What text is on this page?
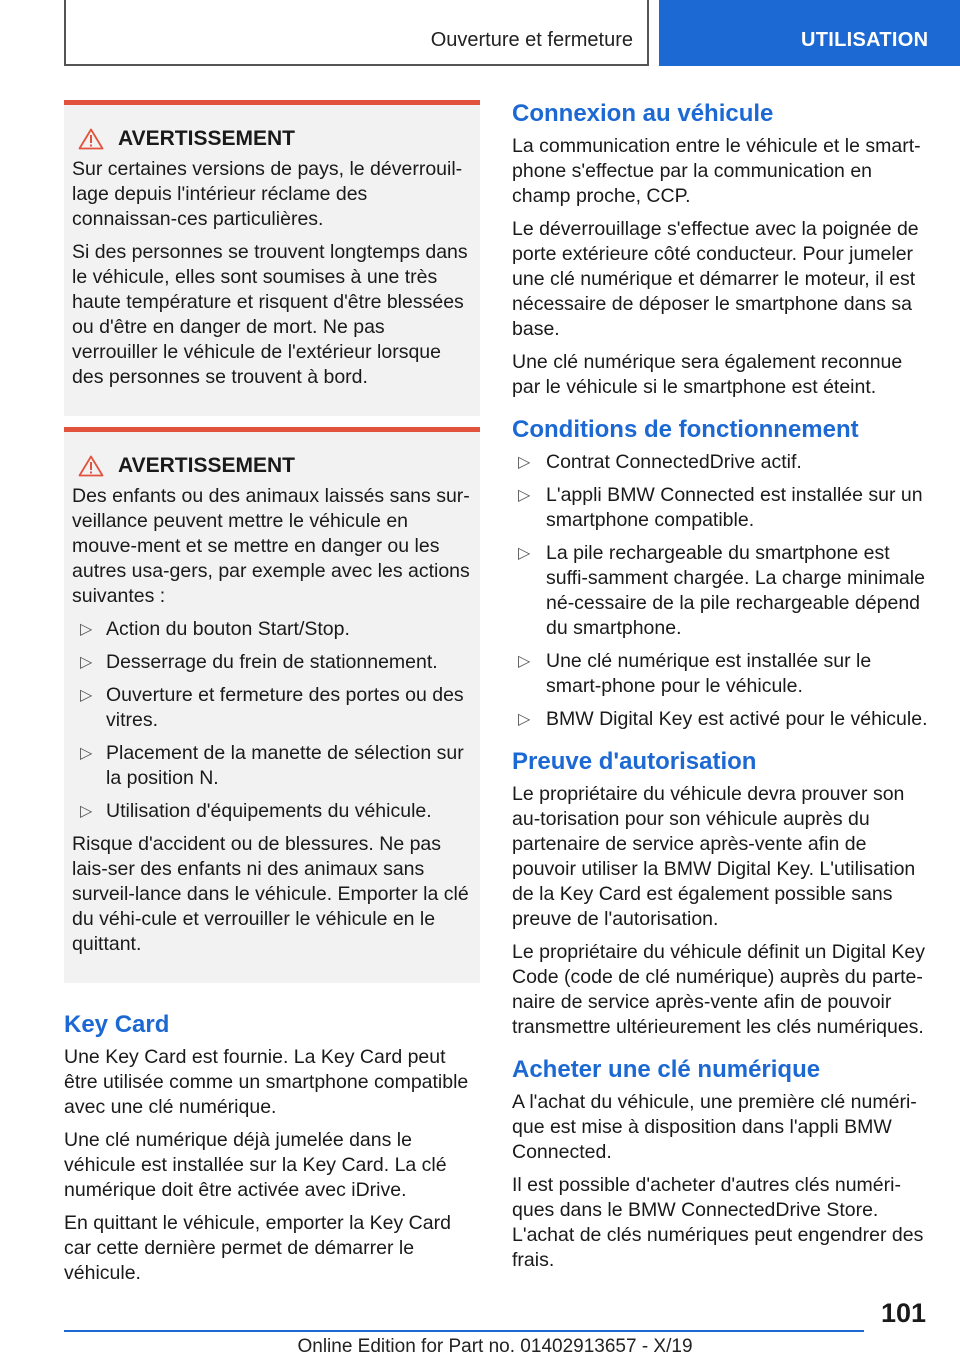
Ouverture et fermeture	UTILISATION
AVERTISSEMENT

Sur certaines versions de pays, le déverrouil-lage depuis l'intérieur réclame des connaissan-ces particulières.

Si des personnes se trouvent longtemps dans le véhicule, elles sont soumises à une très haute température et risquent d'être blessées ou d'être en danger de mort. Ne pas verrouiller le véhicule de l'extérieur lorsque des personnes se trouvent à bord.

AVERTISSEMENT

Des enfants ou des animaux laissés sans sur-veillance peuvent mettre le véhicule en mouve-ment et se mettre en danger ou les autres usa-gers, par exemple avec les actions suivantes :

▷ Action du bouton Start/Stop.
▷ Desserrage du frein de stationnement.
▷ Ouverture et fermeture des portes ou des vitres.
▷ Placement de la manette de sélection sur la position N.
▷ Utilisation d'équipements du véhicule.

Risque d'accident ou de blessures. Ne pas lais-ser des enfants ni des animaux sans surveil-lance dans le véhicule. Emporter la clé du véhi-cule et verrouiller le véhicule en le quittant.

Key Card

Une Key Card est fournie. La Key Card peut être utilisée comme un smartphone compatible avec une clé numérique.

Une clé numérique déjà jumelée dans le véhicule est installée sur la Key Card. La clé numérique doit être activée avec iDrive.

En quittant le véhicule, emporter la Key Card car cette dernière permet de démarrer le véhicule.

Connexion au véhicule

La communication entre le véhicule et le smart-phone s'effectue par la communication en champ proche, CCP.

Le déverrouillage s'effectue avec la poignée de porte extérieure côté conducteur. Pour jumeler une clé numérique et démarrer le moteur, il est nécessaire de déposer le smartphone dans sa base.

Une clé numérique sera également reconnue par le véhicule si le smartphone est éteint.

Conditions de fonctionnement
▷ Contrat ConnectedDrive actif.
▷ L'appli BMW Connected est installée sur un smartphone compatible.
▷ La pile rechargeable du smartphone est suffi-samment chargée. La charge minimale né-cessaire de la pile rechargeable dépend du smartphone.
▷ Une clé numérique est installée sur le smart-phone pour le véhicule.
▷ BMW Digital Key est activé pour le véhicule.
Preuve d'autorisation

Le propriétaire du véhicule devra prouver son au-torisation pour son véhicule auprès du partenaire de service après-vente afin de pouvoir utiliser la BMW Digital Key. L'utilisation de la Key Card est également possible sans preuve de l'autorisation.

Le propriétaire du véhicule définit un Digital Key Code (code de clé numérique) auprès du parte-naire de service après-vente afin de pouvoir transmettre ultérieurement les clés numériques.

Acheter une clé numérique

A l'achat du véhicule, une première clé numéri-que est mise à disposition dans l'appli BMW Connected.

Il est possible d'acheter d'autres clés numéri-ques dans le BMW ConnectedDrive Store. L'achat de clés numériques peut engendrer des frais.

101
Online Edition for Part no. 01402913657 - X/19
